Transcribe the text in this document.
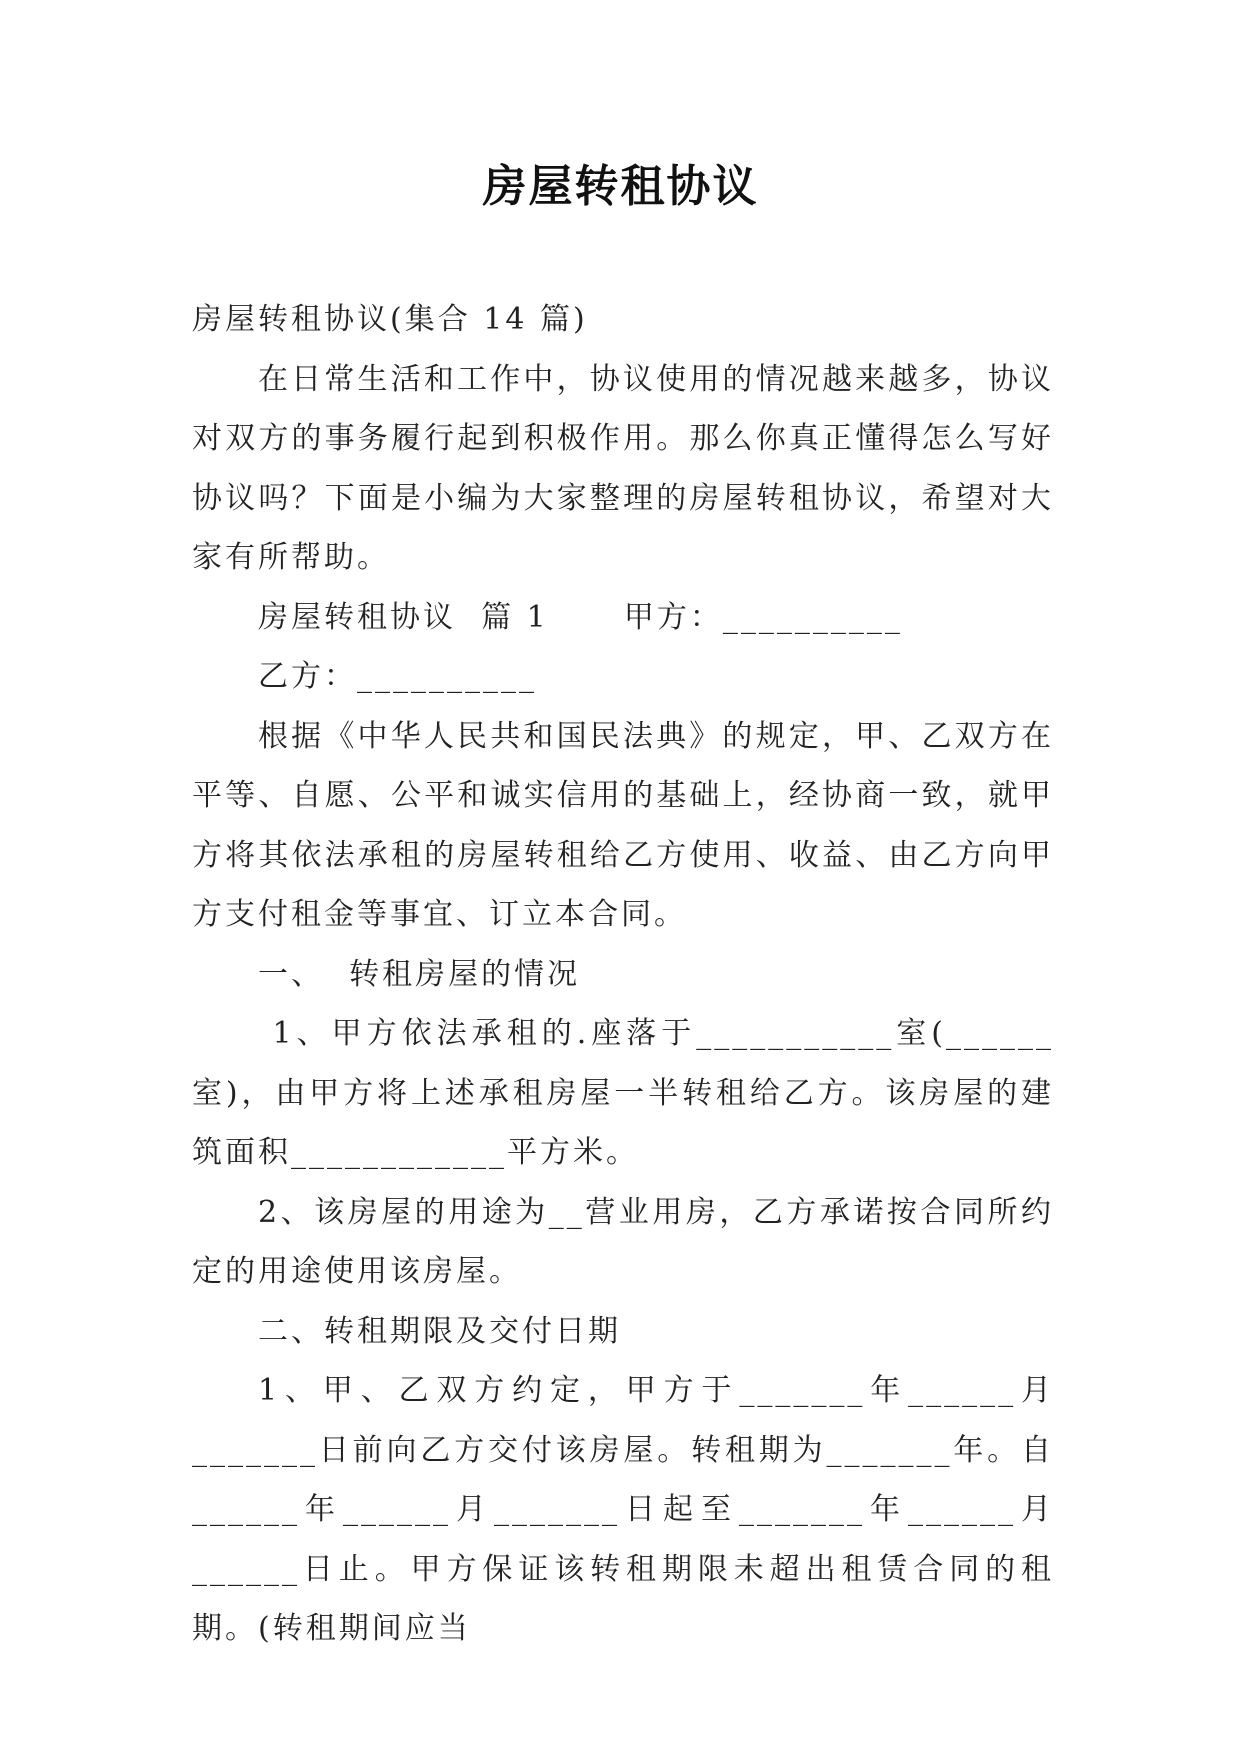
房屋转租协议

房屋转租协议(集合 14 篇)

在日常生活和工作中，协议使用的情况越来越多，协议对双方的事务履行起到积极作用。那么你真正懂得怎么写好协议吗？下面是小编为大家整理的房屋转租协议，希望对大家有所帮助。

房屋转租协议  篇 1      甲方：__________

乙方：__________

根据《中华人民共和国民法典》的规定，甲、乙双方在平等、自愿、公平和诚实信用的基础上，经协商一致，就甲方将其依法承租的房屋转租给乙方使用、收益、由乙方向甲方支付租金等事宜、订立本合同。

一、  转租房屋的情况

1、甲方依法承租的.座落于___________室(______室)，由甲方将上述承租房屋一半转租给乙方。该房屋的建筑面积____________平方米。

2、该房屋的用途为__营业用房，乙方承诺按合同所约定的用途使用该房屋。

二、转租期限及交付日期

1、甲、乙双方约定，甲方于_______年______月_______日前向乙方交付该房屋。转租期为_______年。自______年______月_______日起至_______年______月______日止。甲方保证该转租期限未超出租赁合同的租期。(转租期间应当
